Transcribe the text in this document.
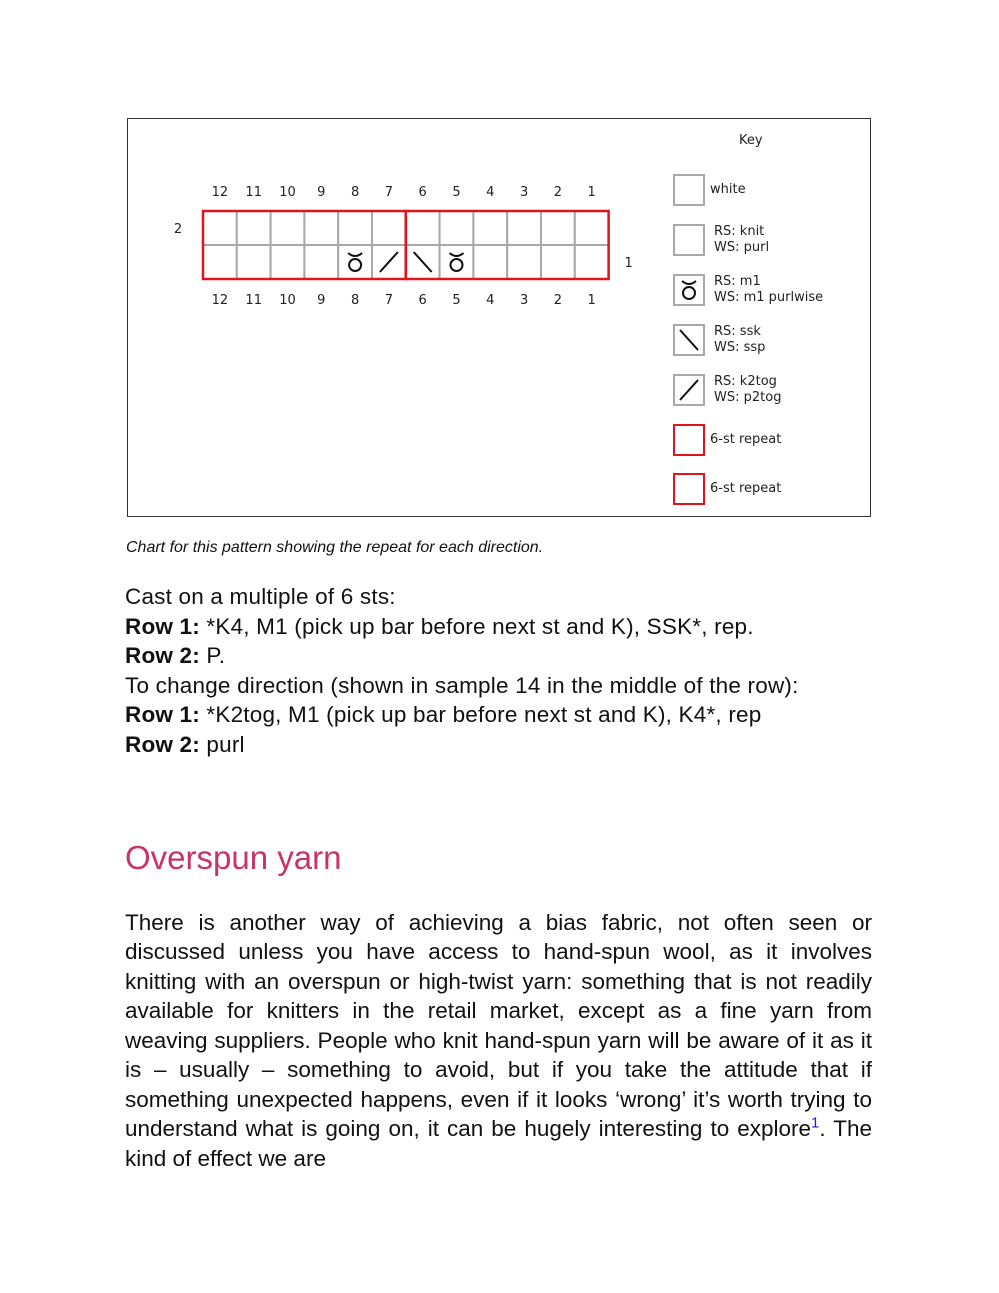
12
12
11
11
10
10
9
9
8
8
7
7
6
6
5
5
4
4
3
3
2
2
1
1
2
1
Key
white
RS: knit
WS: purl
RS: m1
WS: m1 purlwise
RS: ssk
WS: ssp
RS: k2tog
WS: p2tog
6-st repeat
6-st repeat
Chart for this pattern showing the repeat for each direction.
Cast on a multiple of 6 sts:
Row 1: *K4, M1 (pick up bar before next st and K), SSK*, rep.
Row 2: P.
To change direction (shown in sample 14 in the middle of the row):
Row 1: *K2tog, M1 (pick up bar before next st and K), K4*, rep
Row 2: purl
Overspun yarn

There is another way of achieving a bias fabric, not often seen or discussed unless you have access to hand-spun wool, as it involves knitting with an overspun or high-twist yarn: something that is not readily available for knitters in the retail market, except as a fine yarn from weaving suppliers. People who knit hand-spun yarn will be aware of it as it is – usually – something to avoid, but if you take the attitude that if something unexpected happens, even if it looks ‘wrong’ it’s worth trying to understand what is going on, it can be hugely interesting to explore$^1$. The kind of effect we are
